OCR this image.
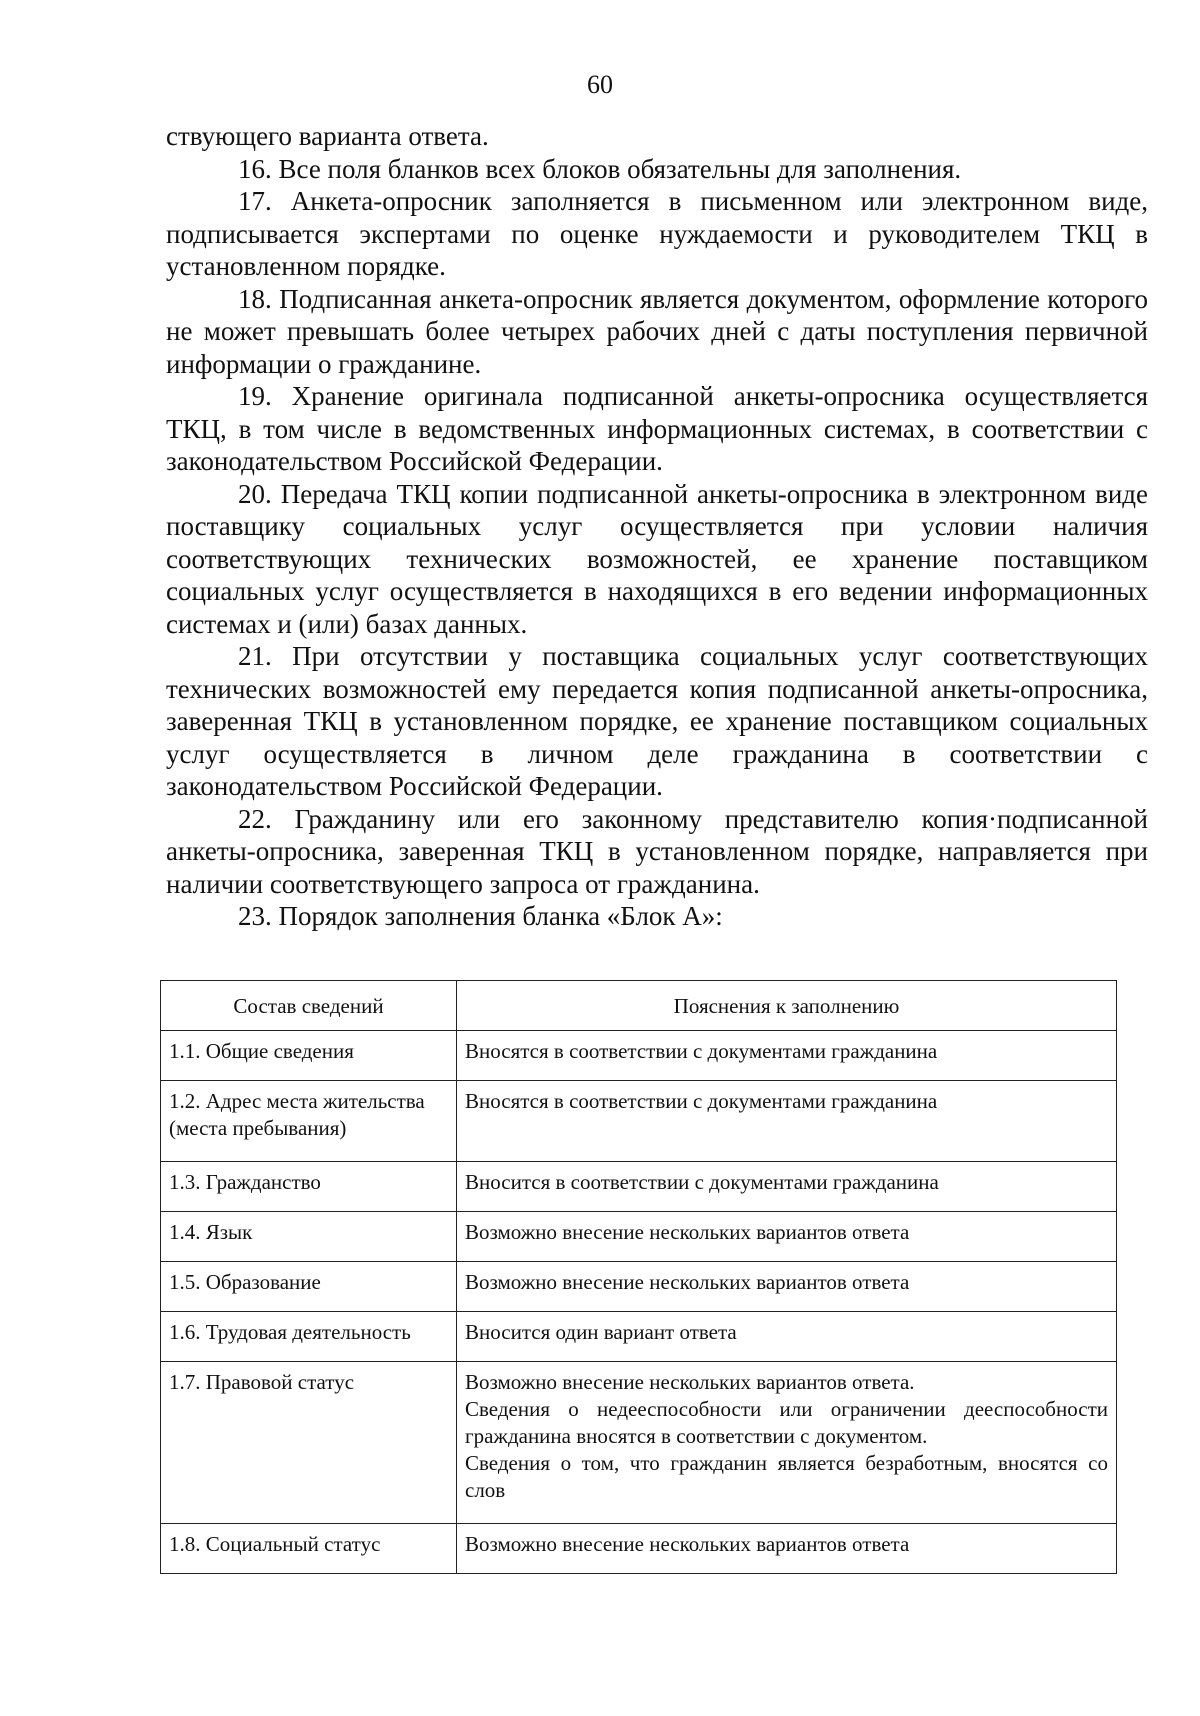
60

ствующего варианта ответа.

16. Все поля бланков всех блоков обязательны для заполнения.

17. Анкета-опросник заполняется в письменном или электронном виде, подписывается экспертами по оценке нуждаемости и руководителем ТКЦ в установленном порядке.

18. Подписанная анкета-опросник является документом, оформление которого не может превышать более четырех рабочих дней с даты поступления первичной информации о гражданине.

19. Хранение оригинала подписанной анкеты-опросника осуществляется ТКЦ, в том числе в ведомственных информационных системах, в соответствии с законодательством Российской Федерации.

20. Передача ТКЦ копии подписанной анкеты-опросника в электронном виде поставщику социальных услуг осуществляется при условии наличия соответствующих технических возможностей, ее хранение поставщиком социальных услуг осуществляется в находящихся в его ведении информационных системах и (или) базах данных.

21. При отсутствии у поставщика социальных услуг соответствующих технических возможностей ему передается копия подписанной анкеты-опросника, заверенная ТКЦ в установленном порядке, ее хранение поставщиком социальных услуг осуществляется в личном деле гражданина в соответствии с законодательством Российской Федерации.

22. Гражданину или его законному представителю копия·подписанной анкеты-опросника, заверенная ТКЦ в установленном порядке, направляется при наличии соответствующего запроса от гражданина.

23. Порядок заполнения бланка «Блок А»:

Состав сведений	Пояснения к заполнению
1.1. Общие сведения	Вносятся в соответствии с документами гражданина
1.2. Адрес места жительства (места пребывания)	Вносятся в соответствии с документами гражданина
1.3. Гражданство	Вносится в соответствии с документами гражданина
1.4. Язык	Возможно внесение нескольких вариантов ответа
1.5. Образование	Возможно внесение нескольких вариантов ответа
1.6. Трудовая деятельность	Вносится один вариант ответа
1.7. Правовой статус	Возможно внесение нескольких вариантов ответа.
Сведения о недееспособности или ограничении дееспособности гражданина вносятся в соответствии с документом.
Сведения о том, что гражданин является безработным, вносятся со слов

1.8. Социальный статус	Возможно внесение нескольких вариантов ответа
